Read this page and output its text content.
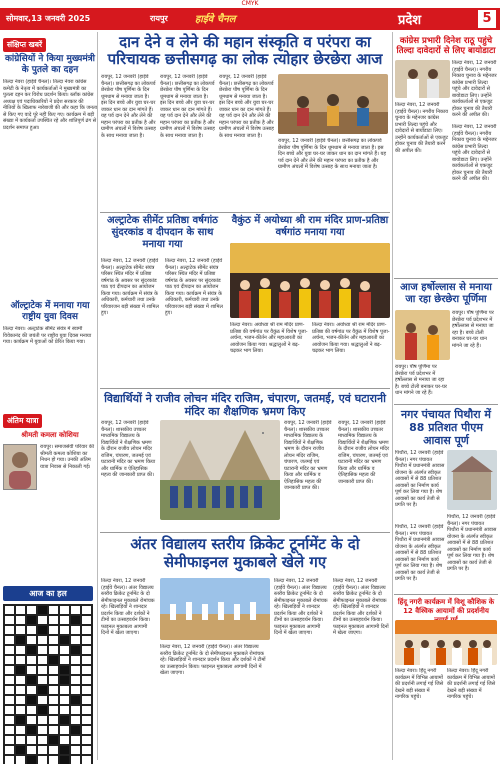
CMYK
सोमवार,13 जनवरी 2025	रायपुर	हाईवे चैनल	प्रदेश	5
संक्षिप्त खबरें
कांग्रेसियों ने किया मुख्यमंत्री के पुतले का दहन
तिल्दा नेवरा (हाईवे चैनल)। तिल्दा नेवरा कांग्रेस कमेटी के नेतृत्व में कार्यकर्ताओं ने मुख्यमंत्री का पुतला दहन कर विरोध प्रदर्शन किया। ब्लॉक कांग्रेस अध्यक्ष एवं पदाधिकारियों ने प्रदेश सरकार की नीतियों के खिलाफ नारेबाजी की और कहा कि जनता से किए गए वादे पूरे नहीं किए गए। कार्यक्रम में बड़ी संख्या में कार्यकर्ता उपस्थित रहे और शांतिपूर्ण ढंग से प्रदर्शन समाप्त हुआ।
ऑल्ट्राटेक में मनाया गया राष्ट्रीय युवा दिवस
तिल्दा नेवरा। अल्ट्राटेक सीमेंट संयंत्र में स्वामी विवेकानंद की जयंती पर राष्ट्रीय युवा दिवस मनाया गया। कार्यक्रम में युवाओं को प्रेरित किया गया।
अंतिम यात्रा
श्रीमती कमला कोशिया
रायपुर। समाजसेवी परिवार की श्रीमती कमला कोशिया का निधन हो गया। उनकी अंतिम यात्रा निवास से निकाली गई।
आज का हल
दान देने व लेने की महान संस्कृति व परंपरा का परिचायक छत्तीसगढ़ का लोक त्योहार छेरछेरा आज
रायपुर, 12 जनवरी (हाईवे चैनल)। छत्तीसगढ़ का लोकपर्व छेरछेरा पौष पूर्णिमा के दिन धूमधाम से मनाया जाता है। इस दिन बच्चे और युवा घर-घर जाकर धान का दान मांगते हैं। यह पर्व दान देने और लेने की महान परंपरा का प्रतीक है और ग्रामीण अंचलों में विशेष उत्साह के साथ मनाया जाता है।
रायपुर, 12 जनवरी (हाईवे चैनल)। छत्तीसगढ़ का लोकपर्व छेरछेरा पौष पूर्णिमा के दिन धूमधाम से मनाया जाता है। इस दिन बच्चे और युवा घर-घर जाकर धान का दान मांगते हैं। यह पर्व दान देने और लेने की महान परंपरा का प्रतीक है और ग्रामीण अंचलों में विशेष उत्साह के साथ मनाया जाता है।
रायपुर, 12 जनवरी (हाईवे चैनल)। छत्तीसगढ़ का लोकपर्व छेरछेरा पौष पूर्णिमा के दिन धूमधाम से मनाया जाता है। इस दिन बच्चे और युवा घर-घर जाकर धान का दान मांगते हैं। यह पर्व दान देने और लेने की महान परंपरा का प्रतीक है और ग्रामीण अंचलों में विशेष उत्साह के साथ मनाया जाता है।
रायपुर, 12 जनवरी (हाईवे चैनल)। छत्तीसगढ़ का लोकपर्व छेरछेरा पौष पूर्णिमा के दिन धूमधाम से मनाया जाता है। इस दिन बच्चे और युवा घर-घर जाकर धान का दान मांगते हैं। यह पर्व दान देने और लेने की महान परंपरा का प्रतीक है और ग्रामीण अंचलों में विशेष उत्साह के साथ मनाया जाता है।
अल्ट्राटेक सीमेंट प्रतिष्ठा वर्षगांठ सुंदरकांड व दीपदान के साथ मनाया गया
तिल्दा नेवरा, 12 जनवरी (हाईवे चैनल)। अल्ट्राटेक सीमेंट संयंत्र परिसर स्थित मंदिर में प्रतिष्ठा वर्षगांठ के अवसर पर सुंदरकांड पाठ एवं दीपदान का आयोजन किया गया। कार्यक्रम में संयंत्र के अधिकारी, कर्मचारी तथा उनके परिवारजन बड़ी संख्या में शामिल हुए।
तिल्दा नेवरा, 12 जनवरी (हाईवे चैनल)। अल्ट्राटेक सीमेंट संयंत्र परिसर स्थित मंदिर में प्रतिष्ठा वर्षगांठ के अवसर पर सुंदरकांड पाठ एवं दीपदान का आयोजन किया गया। कार्यक्रम में संयंत्र के अधिकारी, कर्मचारी तथा उनके परिवारजन बड़ी संख्या में शामिल हुए।
वैकुंठ में अयोध्या श्री राम मंदिर प्राण-प्रतिष्ठा वर्षगांठ मनाया गया
तिल्दा नेवरा। अयोध्या श्री राम मंदिर प्राण-प्रतिष्ठा की वर्षगांठ पर वैकुंठ में विशेष पूजा-अर्चना, भजन-कीर्तन और महाआरती का आयोजन किया गया। श्रद्धालुओं ने बढ़-चढ़कर भाग लिया।
तिल्दा नेवरा। अयोध्या श्री राम मंदिर प्राण-प्रतिष्ठा की वर्षगांठ पर वैकुंठ में विशेष पूजा-अर्चना, भजन-कीर्तन और महाआरती का आयोजन किया गया। श्रद्धालुओं ने बढ़-चढ़कर भाग लिया।
विद्यार्थियों ने राजीव लोचन मंदिर राजिम, चंपारण, जतमई, एवं घटारानी मंदिर का शैक्षणिक भ्रमण किए
रायपुर, 12 जनवरी (हाईवे चैनल)। शासकीय उच्चतर माध्यमिक विद्यालय के विद्यार्थियों ने शैक्षणिक भ्रमण के दौरान राजीव लोचन मंदिर राजिम, चंपारण, जतमई एवं घटारानी मंदिर का भ्रमण किया और धार्मिक व ऐतिहासिक महत्व की जानकारी प्राप्त की।
रायपुर, 12 जनवरी (हाईवे चैनल)। शासकीय उच्चतर माध्यमिक विद्यालय के विद्यार्थियों ने शैक्षणिक भ्रमण के दौरान राजीव लोचन मंदिर राजिम, चंपारण, जतमई एवं घटारानी मंदिर का भ्रमण किया और धार्मिक व ऐतिहासिक महत्व की जानकारी प्राप्त की।
रायपुर, 12 जनवरी (हाईवे चैनल)। शासकीय उच्चतर माध्यमिक विद्यालय के विद्यार्थियों ने शैक्षणिक भ्रमण के दौरान राजीव लोचन मंदिर राजिम, चंपारण, जतमई एवं घटारानी मंदिर का भ्रमण किया और धार्मिक व ऐतिहासिक महत्व की जानकारी प्राप्त की।
अंतर विद्यालय स्तरीय क्रिकेट टूर्नामेंट के दो सेमीफाइनल मुकाबले खेले गए
तिल्दा नेवरा, 12 जनवरी (हाईवे चैनल)। अंतर विद्यालय स्तरीय क्रिकेट टूर्नामेंट के दो सेमीफाइनल मुकाबले रोमांचक रहे। खिलाड़ियों ने शानदार प्रदर्शन किया और दर्शकों ने टीमों का उत्साहवर्धन किया। फाइनल मुकाबला आगामी दिनों में खेला जाएगा।
तिल्दा नेवरा, 12 जनवरी (हाईवे चैनल)। अंतर विद्यालय स्तरीय क्रिकेट टूर्नामेंट के दो सेमीफाइनल मुकाबले रोमांचक रहे। खिलाड़ियों ने शानदार प्रदर्शन किया और दर्शकों ने टीमों का उत्साहवर्धन किया। फाइनल मुकाबला आगामी दिनों में खेला जाएगा।
तिल्दा नेवरा, 12 जनवरी (हाईवे चैनल)। अंतर विद्यालय स्तरीय क्रिकेट टूर्नामेंट के दो सेमीफाइनल मुकाबले रोमांचक रहे। खिलाड़ियों ने शानदार प्रदर्शन किया और दर्शकों ने टीमों का उत्साहवर्धन किया। फाइनल मुकाबला आगामी दिनों में खेला जाएगा।
तिल्दा नेवरा, 12 जनवरी (हाईवे चैनल)। अंतर विद्यालय स्तरीय क्रिकेट टूर्नामेंट के दो सेमीफाइनल मुकाबले रोमांचक रहे। खिलाड़ियों ने शानदार प्रदर्शन किया और दर्शकों ने टीमों का उत्साहवर्धन किया। फाइनल मुकाबला आगामी दिनों में खेला जाएगा।
कांग्रेस प्रभारी दिनेश राठू पहुंचे तिल्दा दावेदारों से लिए बायोडाटा
तिल्दा नेवरा, 12 जनवरी (हाईवे चैनल)। नगरीय निकाय चुनाव के मद्देनजर कांग्रेस प्रभारी तिल्दा पहुंचे और दावेदारों से बायोडाटा लिए। उन्होंने कार्यकर्ताओं से एकजुट होकर चुनाव की तैयारी करने की अपील की।
तिल्दा नेवरा, 12 जनवरी (हाईवे चैनल)। नगरीय निकाय चुनाव के मद्देनजर कांग्रेस प्रभारी तिल्दा पहुंचे और दावेदारों से बायोडाटा लिए। उन्होंने कार्यकर्ताओं से एकजुट होकर चुनाव की तैयारी करने की अपील की।
तिल्दा नेवरा, 12 जनवरी (हाईवे चैनल)। नगरीय निकाय चुनाव के मद्देनजर कांग्रेस प्रभारी तिल्दा पहुंचे और दावेदारों से बायोडाटा लिए। उन्होंने कार्यकर्ताओं से एकजुट होकर चुनाव की तैयारी करने की अपील की।
आज हर्षोल्लास से मनाया जा रहा छेरछेरा पूर्णिमा
रायपुर। पौष पूर्णिमा पर छेरछेरा पर्व प्रदेशभर में हर्षोल्लास से मनाया जा रहा है। बच्चे टोली बनाकर घर-घर धान मांगने जा रहे हैं।
रायपुर। पौष पूर्णिमा पर छेरछेरा पर्व प्रदेशभर में हर्षोल्लास से मनाया जा रहा है। बच्चे टोली बनाकर घर-घर धान मांगने जा रहे हैं।
नगर पंचायत पिथौरा में 88 प्रतिशत पीएम आवास पूर्ण
पिथौरा, 12 जनवरी (हाईवे चैनल)। नगर पंचायत पिथौरा में प्रधानमंत्री आवास योजना के अंतर्गत स्वीकृत आवासों में से 88 प्रतिशत आवासों का निर्माण कार्य पूर्ण कर लिया गया है। शेष आवासों का कार्य तेजी से प्रगति पर है।
पिथौरा, 12 जनवरी (हाईवे चैनल)। नगर पंचायत पिथौरा में प्रधानमंत्री आवास योजना के अंतर्गत स्वीकृत आवासों में से 88 प्रतिशत आवासों का निर्माण कार्य पूर्ण कर लिया गया है। शेष आवासों का कार्य तेजी से प्रगति पर है।
पिथौरा, 12 जनवरी (हाईवे चैनल)। नगर पंचायत पिथौरा में प्रधानमंत्री आवास योजना के अंतर्गत स्वीकृत आवासों में से 88 प्रतिशत आवासों का निर्माण कार्य पूर्ण कर लिया गया है। शेष आवासों का कार्य तेजी से प्रगति पर है।
हिंदू नगरी कार्यक्रम में विशू कौशिक के 12 वैश्विक आयामों की प्रदर्शनीय
तिल्दा नेवरा। हिंदू नगरी कार्यक्रम में विभिन्न आयामों की प्रदर्शनी लगाई गई जिसे देखने बड़ी संख्या में नागरिक पहुंचे।
तिल्दा नेवरा। हिंदू नगरी कार्यक्रम में विभिन्न आयामों की प्रदर्शनी लगाई गई जिसे देखने बड़ी संख्या में नागरिक पहुंचे।
